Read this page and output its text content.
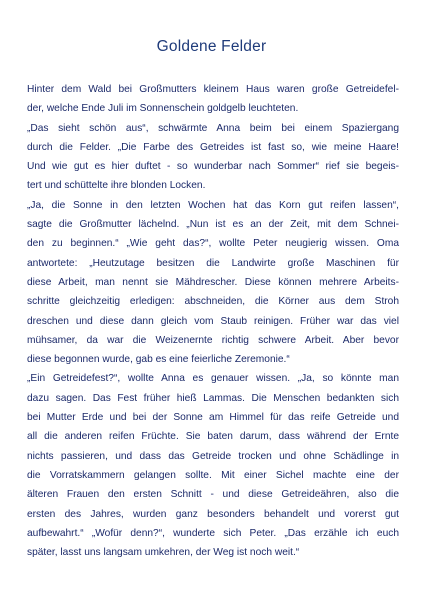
Goldene Felder
Hinter dem Wald bei Großmutters kleinem Haus waren große Getreidefel-
der, welche Ende Juli im Sonnenschein goldgelb leuchteten.
„Das sieht schön aus“, schwärmte Anna beim bei einem Spaziergang
durch die Felder. „Die Farbe des Getreides ist fast so, wie meine Haare!
Und wie gut es hier duftet - so wunderbar nach Sommer“ rief sie begeis-
tert und schüttelte ihre blonden Locken.
„Ja, die Sonne in den letzten Wochen hat das Korn gut reifen lassen“,
sagte die Großmutter lächelnd. „Nun ist es an der Zeit, mit dem Schnei-
den zu beginnen.“ „Wie geht das?“, wollte Peter neugierig wissen. Oma
antwortete: „Heutzutage besitzen die Landwirte große Maschinen für
diese Arbeit, man nennt sie Mähdrescher. Diese können mehrere Arbeits-
schritte gleichzeitig erledigen: abschneiden, die Körner aus dem Stroh
dreschen und diese dann gleich vom Staub reinigen. Früher war das viel
mühsamer, da war die Weizenernte richtig schwere Arbeit. Aber bevor
diese begonnen wurde, gab es eine feierliche Zeremonie.“
„Ein Getreidefest?“, wollte Anna es genauer wissen. „Ja, so könnte man
dazu sagen. Das Fest früher hieß Lammas. Die Menschen bedankten sich
bei Mutter Erde und bei der Sonne am Himmel für das reife Getreide und
all die anderen reifen Früchte. Sie baten darum, dass während der Ernte
nichts passieren, und dass das Getreide trocken und ohne Schädlinge in
die Vorratskammern gelangen sollte. Mit einer Sichel machte eine der
älteren Frauen den ersten Schnitt - und diese Getreideähren, also die
ersten des Jahres, wurden ganz besonders behandelt und vorerst gut
aufbewahrt.“ „Wofür denn?“, wunderte sich Peter. „Das erzähle ich euch
später, lasst uns langsam umkehren, der Weg ist noch weit.“
